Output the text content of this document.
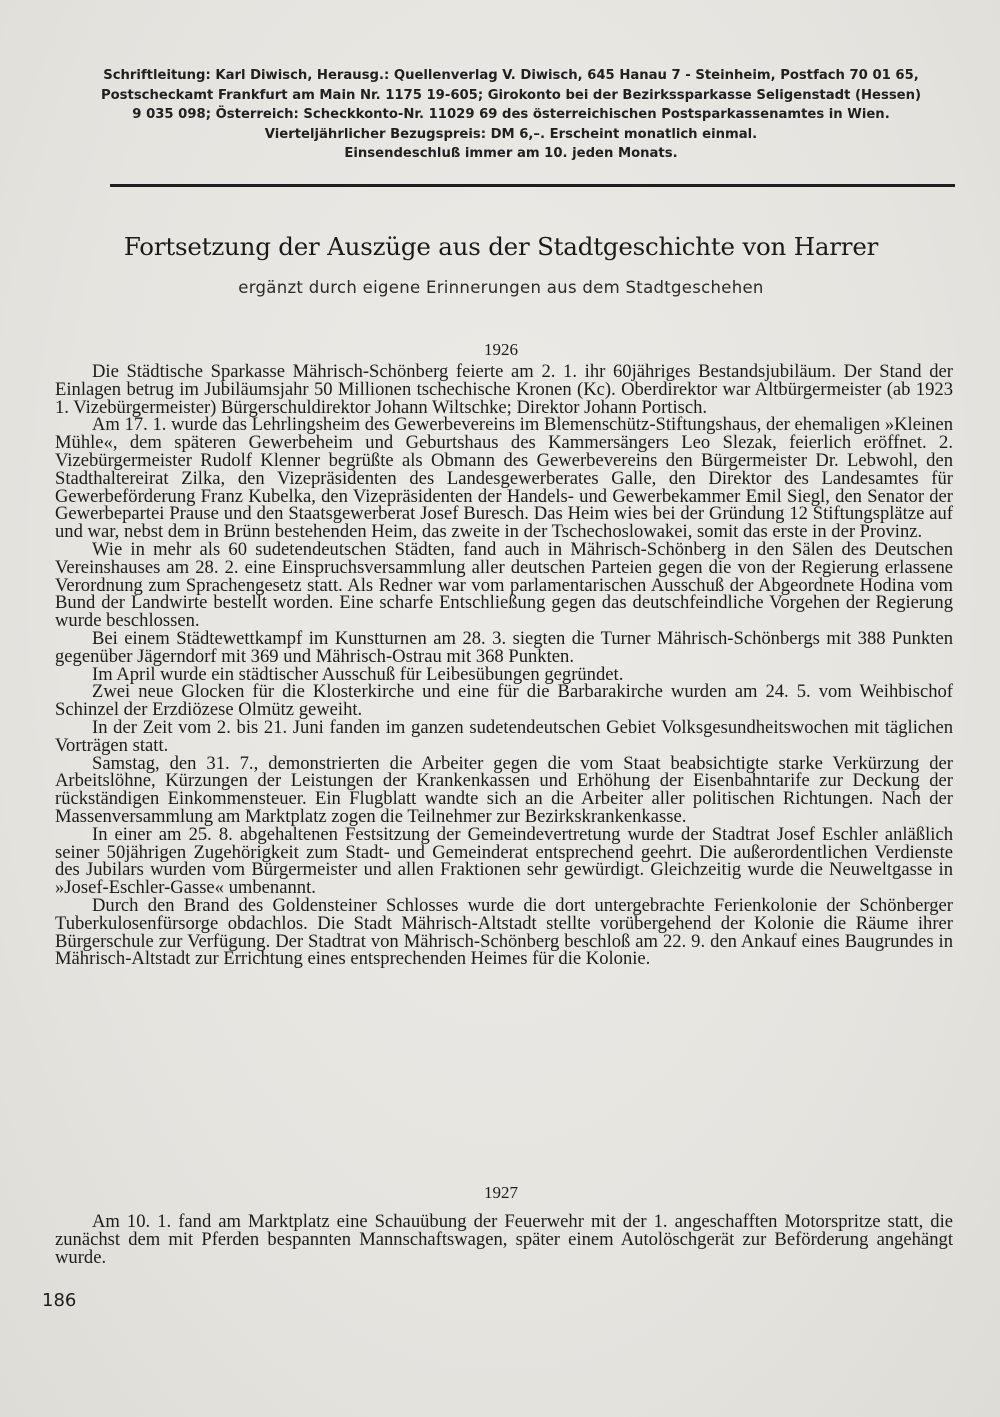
Schriftleitung: Karl Diwisch, Herausg.: Quellenverlag V. Diwisch, 645 Hanau 7 - Steinheim, Postfach 70 01 65,
Postscheckamt Frankfurt am Main Nr. 1175 19-605; Girokonto bei der Bezirkssparkasse Seligenstadt (Hessen)
9 035 098; Österreich: Scheckkonto-Nr. 11029 69 des österreichischen Postsparkassenamtes in Wien.
Vierteljährlicher Bezugspreis: DM 6,–. Erscheint monatlich einmal.
Einsendeschluß immer am 10. jeden Monats.
Fortsetzung der Auszüge aus der Stadtgeschichte von Harrer
ergänzt durch eigene Erinnerungen aus dem Stadtgeschehen
1926

Die Städtische Sparkasse Mährisch-Schönberg feierte am 2. 1. ihr 60jähriges Bestandsjubiläum. Der Stand der Einlagen betrug im Jubiläumsjahr 50 Millionen tschechische Kronen (Kc). Oberdirektor war Altbürgermeister (ab 1923 1. Vizebürgermeister) Bürgerschuldirektor Johann Wiltschke; Direktor Johann Portisch.

Am 17. 1. wurde das Lehrlingsheim des Gewerbevereins im Blemenschütz-Stiftungshaus, der ehemaligen »Kleinen Mühle«, dem späteren Gewerbeheim und Geburtshaus des Kammersängers Leo Slezak, feierlich eröffnet. 2. Vizebürgermeister Rudolf Klenner begrüßte als Obmann des Gewerbevereins den Bürgermeister Dr. Lebwohl, den Stadthaltereirat Zilka, den Vizepräsidenten des Landesgewerberates Galle, den Direktor des Landesamtes für Gewerbeförderung Franz Kubelka, den Vizepräsidenten der Handels- und Gewerbekammer Emil Siegl, den Senator der Gewerbepartei Prause und den Staatsgewerberat Josef Buresch. Das Heim wies bei der Gründung 12 Stiftungsplätze auf und war, nebst dem in Brünn bestehenden Heim, das zweite in der Tschechoslowakei, somit das erste in der Provinz.

Wie in mehr als 60 sudetendeutschen Städten, fand auch in Mährisch-Schönberg in den Sälen des Deutschen Vereinshauses am 28. 2. eine Einspruchsversammlung aller deutschen Parteien gegen die von der Regierung erlassene Verordnung zum Sprachengesetz statt. Als Redner war vom parlamentarischen Ausschuß der Abgeordnete Hodina vom Bund der Landwirte bestellt worden. Eine scharfe Entschließung gegen das deutschfeindliche Vorgehen der Regierung wurde beschlossen.

Bei einem Städtewettkampf im Kunstturnen am 28. 3. siegten die Turner Mährisch-Schönbergs mit 388 Punkten gegenüber Jägerndorf mit 369 und Mährisch-Ostrau mit 368 Punkten.

Im April wurde ein städtischer Ausschuß für Leibesübungen gegründet.

Zwei neue Glocken für die Klosterkirche und eine für die Barbarakirche wurden am 24. 5. vom Weihbischof Schinzel der Erzdiözese Olmütz geweiht.

In der Zeit vom 2. bis 21. Juni fanden im ganzen sudetendeutschen Gebiet Volksgesundheitswochen mit täglichen Vorträgen statt.

Samstag, den 31. 7., demonstrierten die Arbeiter gegen die vom Staat beabsichtigte starke Verkürzung der Arbeitslöhne, Kürzungen der Leistungen der Krankenkassen und Erhöhung der Eisenbahntarife zur Deckung der rückständigen Einkommensteuer. Ein Flugblatt wandte sich an die Arbeiter aller politischen Richtungen. Nach der Massenversammlung am Marktplatz zogen die Teilnehmer zur Bezirkskrankenkasse.

In einer am 25. 8. abgehaltenen Festsitzung der Gemeindevertretung wurde der Stadtrat Josef Eschler anläßlich seiner 50jährigen Zugehörigkeit zum Stadt- und Gemeinderat entsprechend geehrt. Die außerordentlichen Verdienste des Jubilars wurden vom Bürgermeister und allen Fraktionen sehr gewürdigt. Gleichzeitig wurde die Neuweltgasse in »Josef-Eschler-Gasse« umbenannt.

Durch den Brand des Goldensteiner Schlosses wurde die dort untergebrachte Ferienkolonie der Schönberger Tuberkulosenfürsorge obdachlos. Die Stadt Mährisch-Altstadt stellte vorübergehend der Kolonie die Räume ihrer Bürgerschule zur Verfügung. Der Stadtrat von Mährisch-Schönberg beschloß am 22. 9. den Ankauf eines Baugrundes in Mährisch-Altstadt zur Errichtung eines entsprechenden Heimes für die Kolonie.

1927

Am 10. 1. fand am Marktplatz eine Schauübung der Feuerwehr mit der 1. angeschafften Motorspritze statt, die zunächst dem mit Pferden bespannten Mannschaftswagen, später einem Autolöschgerät zur Beförderung angehängt wurde.

186
